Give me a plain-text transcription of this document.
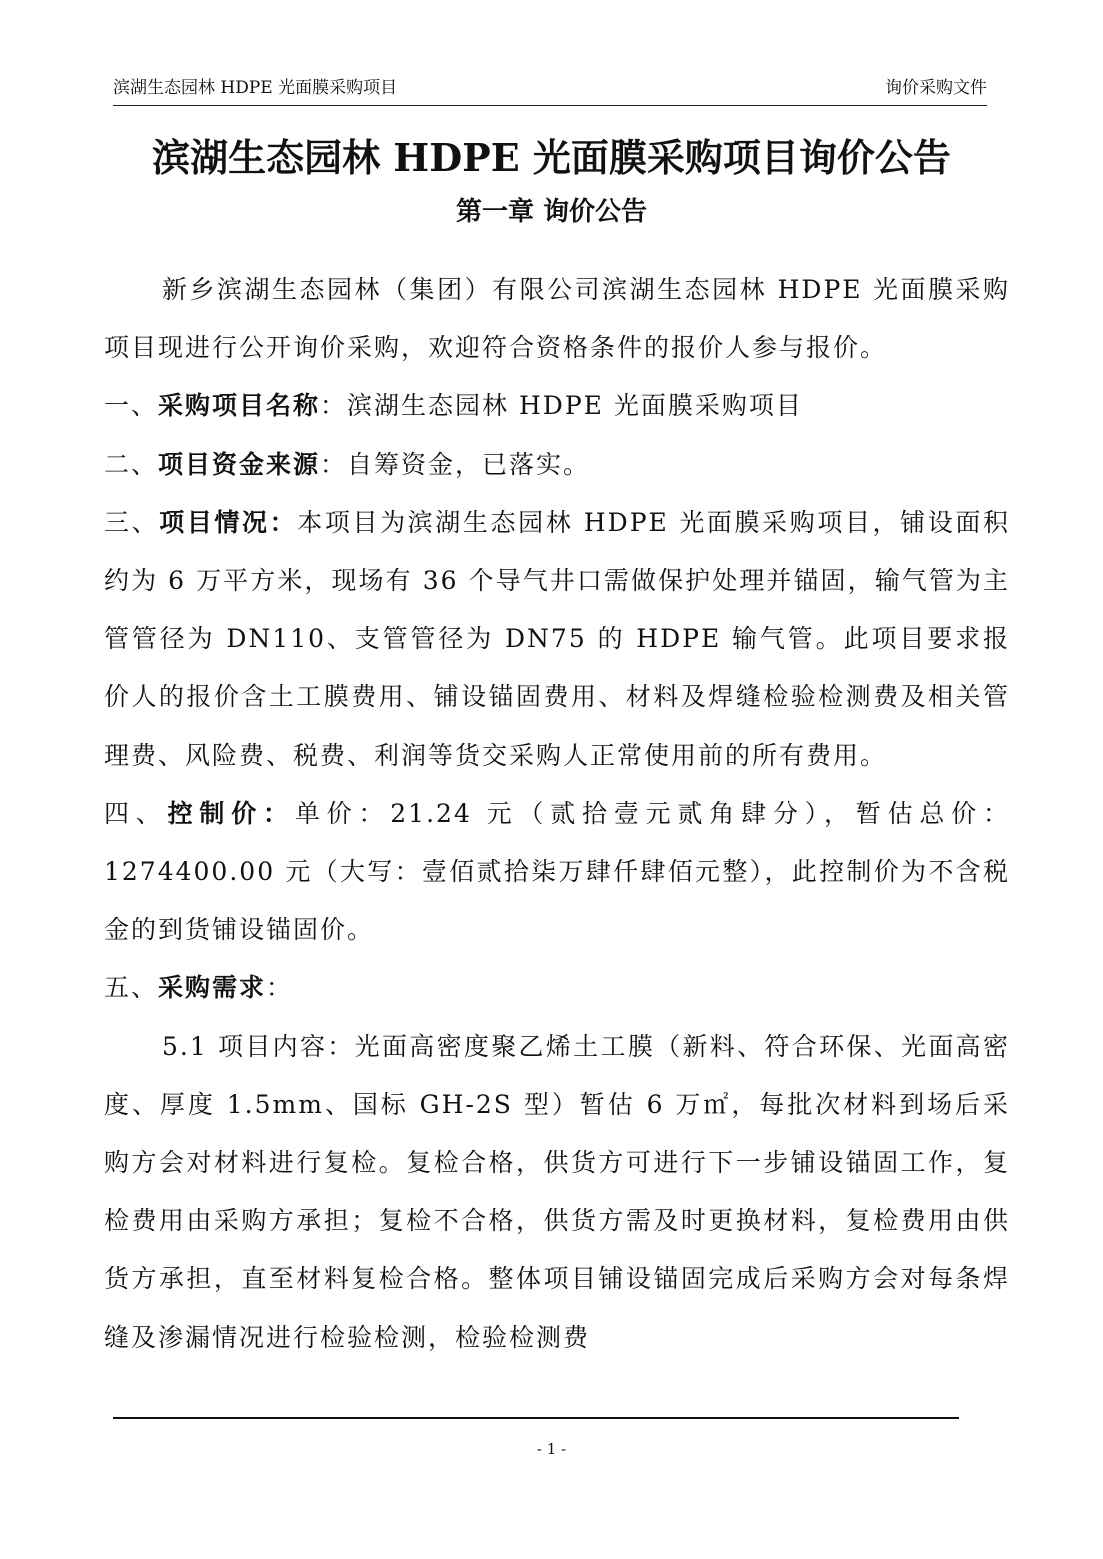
滨湖生态园林 HDPE 光面膜采购项目	询价采购文件
滨湖生态园林 HDPE 光面膜采购项目询价公告
第一章 询价公告

新乡滨湖生态园林（集团）有限公司滨湖生态园林 HDPE 光面膜采购项目现进行公开询价采购，欢迎符合资格条件的报价人参与报价。

一、采购项目名称：滨湖生态园林 HDPE 光面膜采购项目

二、项目资金来源：自筹资金，已落实。

三、项目情况：本项目为滨湖生态园林 HDPE 光面膜采购项目，铺设面积约为 6 万平方米，现场有 36 个导气井口需做保护处理并锚固，输气管为主管管径为 DN110、支管管径为 DN75 的 HDPE 输气管。此项目要求报价人的报价含土工膜费用、铺设锚固费用、材料及焊缝检验检测费及相关管理费、风险费、税费、利润等货交采购人正常使用前的所有费用。

四、控制价：单价：21.24 元（贰拾壹元贰角肆分），暂估总价：1274400.00 元（大写：壹佰贰拾柒万肆仟肆佰元整），此控制价为不含税金的到货铺设锚固价。

五、采购需求：

5.1 项目内容：光面高密度聚乙烯土工膜（新料、符合环保、光面高密度、厚度 1.5mm、国标 GH-2S 型）暂估 6 万㎡，每批次材料到场后采购方会对材料进行复检。复检合格，供货方可进行下一步铺设锚固工作，复检费用由采购方承担；复检不合格，供货方需及时更换材料，复检费用由供货方承担，直至材料复检合格。整体项目铺设锚固完成后采购方会对每条焊缝及渗漏情况进行检验检测，检验检测费

- 1 -
